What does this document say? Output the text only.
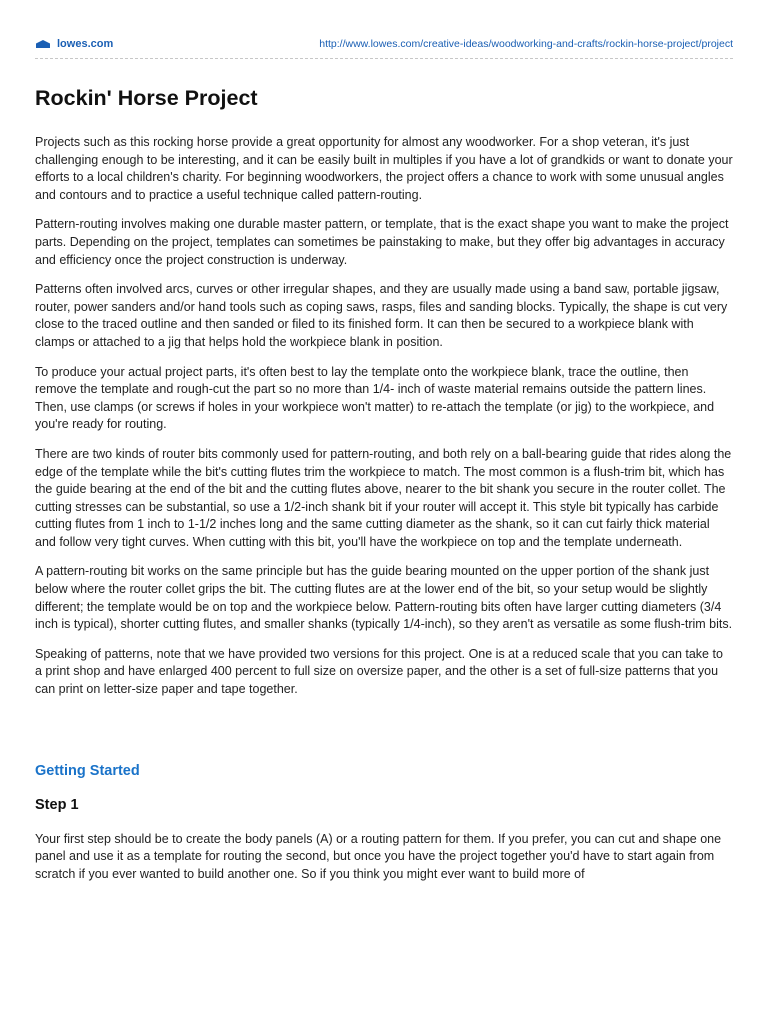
lowes.com	http://www.lowes.com/creative-ideas/woodworking-and-crafts/rockin-horse-project/project
Rockin' Horse Project

Projects such as this rocking horse provide a great opportunity for almost any woodworker. For a shop veteran, it's just challenging enough to be interesting, and it can be easily built in multiples if you have a lot of grandkids or want to donate your efforts to a local children's charity. For beginning woodworkers, the project offers a chance to work with some unusual angles and contours and to practice a useful technique called pattern-routing.

Pattern-routing involves making one durable master pattern, or template, that is the exact shape you want to make the project parts. Depending on the project, templates can sometimes be painstaking to make, but they offer big advantages in accuracy and efficiency once the project construction is underway.

Patterns often involved arcs, curves or other irregular shapes, and they are usually made using a band saw, portable jigsaw, router, power sanders and/or hand tools such as coping saws, rasps, files and sanding blocks. Typically, the shape is cut very close to the traced outline and then sanded or filed to its finished form. It can then be secured to a workpiece blank with clamps or attached to a jig that helps hold the workpiece blank in position.

To produce your actual project parts, it's often best to lay the template onto the workpiece blank, trace the outline, then remove the template and rough-cut the part so no more than 1/4- inch of waste material remains outside the pattern lines. Then, use clamps (or screws if holes in your workpiece won't matter) to re-attach the template (or jig) to the workpiece, and you're ready for routing.

There are two kinds of router bits commonly used for pattern-routing, and both rely on a ball-bearing guide that rides along the edge of the template while the bit's cutting flutes trim the workpiece to match. The most common is a flush-trim bit, which has the guide bearing at the end of the bit and the cutting flutes above, nearer to the bit shank you secure in the router collet. The cutting stresses can be substantial, so use a 1/2-inch shank bit if your router will accept it. This style bit typically has carbide cutting flutes from 1 inch to 1-1/2 inches long and the same cutting diameter as the shank, so it can cut fairly thick material and follow very tight curves. When cutting with this bit, you'll have the workpiece on top and the template underneath.

A pattern-routing bit works on the same principle but has the guide bearing mounted on the upper portion of the shank just below where the router collet grips the bit. The cutting flutes are at the lower end of the bit, so your setup would be slightly different; the template would be on top and the workpiece below. Pattern-routing bits often have larger cutting diameters (3/4 inch is typical), shorter cutting flutes, and smaller shanks (typically 1/4-inch), so they aren't as versatile as some flush-trim bits.

Speaking of patterns, note that we have provided two versions for this project. One is at a reduced scale that you can take to a print shop and have enlarged 400 percent to full size on oversize paper, and the other is a set of full-size patterns that you can print on letter-size paper and tape together.

Getting Started
Step 1

Your first step should be to create the body panels (A) or a routing pattern for them. If you prefer, you can cut and shape one panel and use it as a template for routing the second, but once you have the project together you'd have to start again from scratch if you ever wanted to build another one. So if you think you might ever want to build more of
